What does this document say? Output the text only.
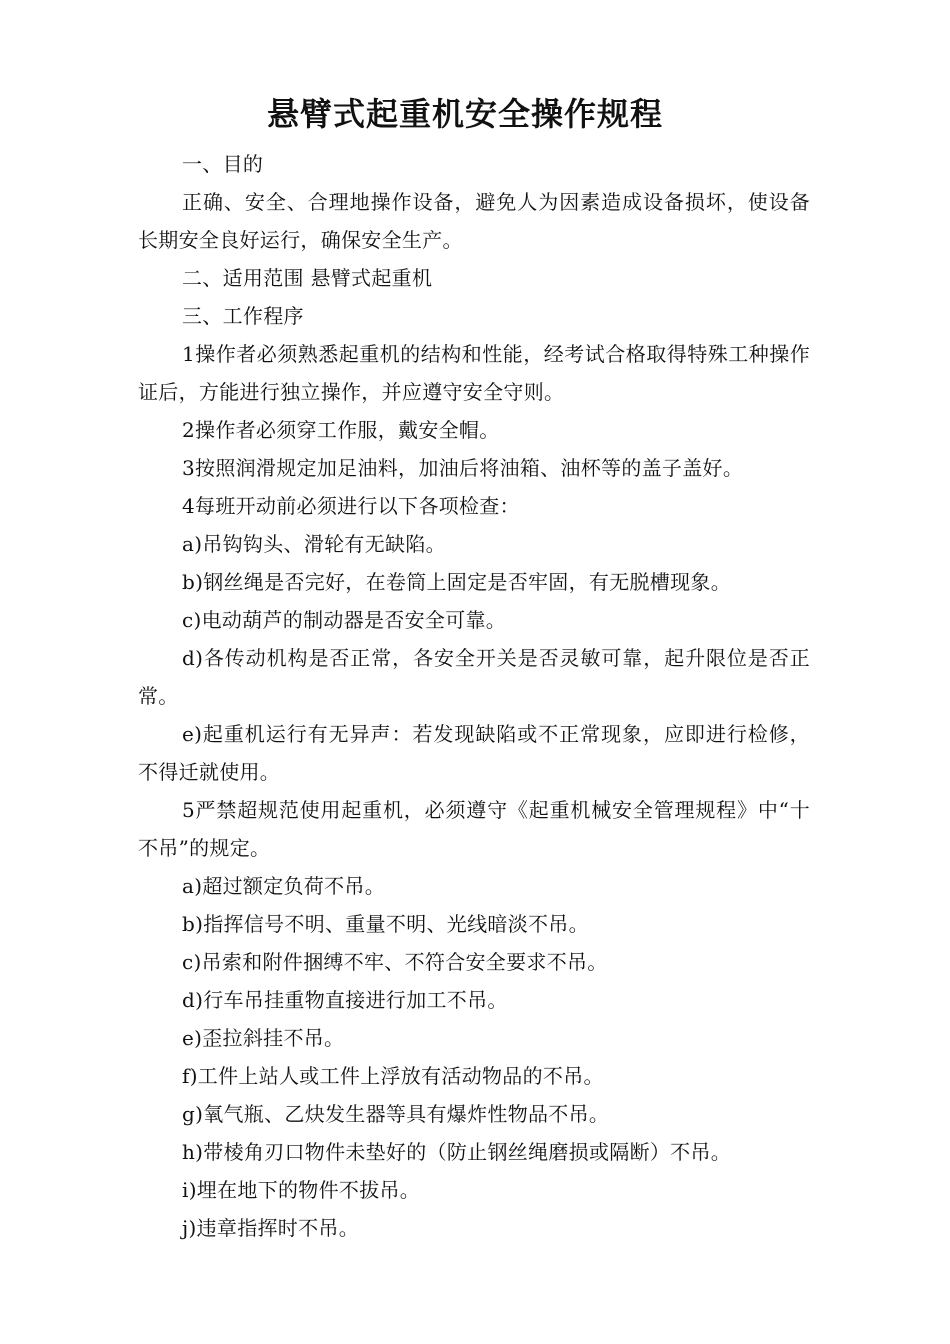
悬臂式起重机安全操作规程

一、目的

正确、安全、合理地操作设备，避免人为因素造成设备损坏，使设备长期安全良好运行，确保安全生产。

二、适用范围 悬臂式起重机

三、工作程序

1操作者必须熟悉起重机的结构和性能，经考试合格取得特殊工种操作证后，方能进行独立操作，并应遵守安全守则。

2操作者必须穿工作服，戴安全帽。

3按照润滑规定加足油料，加油后将油箱、油杯等的盖子盖好。

4每班开动前必须进行以下各项检查：

a)吊钩钩头、滑轮有无缺陷。

b)钢丝绳是否完好，在卷筒上固定是否牢固，有无脱槽现象。

c)电动葫芦的制动器是否安全可靠。

d)各传动机构是否正常，各安全开关是否灵敏可靠，起升限位是否正常。

e)起重机运行有无异声：若发现缺陷或不正常现象，应即进行检修，不得迁就使用。

5严禁超规范使用起重机，必须遵守《起重机械安全管理规程》中“十不吊”的规定。

a)超过额定负荷不吊。

b)指挥信号不明、重量不明、光线暗淡不吊。

c)吊索和附件捆缚不牢、不符合安全要求不吊。

d)行车吊挂重物直接进行加工不吊。

e)歪拉斜挂不吊。

f)工件上站人或工件上浮放有活动物品的不吊。

g)氧气瓶、乙炔发生器等具有爆炸性物品不吊。

h)带棱角刃口物件未垫好的（防止钢丝绳磨损或隔断）不吊。

i)埋在地下的物件不拔吊。

j)违章指挥时不吊。
